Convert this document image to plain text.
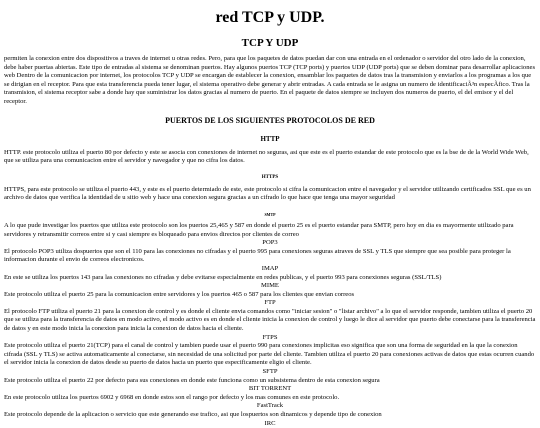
red TCP y UDP.
TCP Y UDP

permiten la conexion entre dos dispositivos a traves de internet u otras redes. Pero, para que los paquetes de datos puedan dar con una entrada en el ordenador o servidor del otro lado de la conexion, debe haber puertas abiertas. Este tipo de entradas al sistema se denominan puertos. Hay algunos puertos TCP (TCP ports) y puertos UDP (UDP ports) que se deben dominar para desarrollar aplicaciones web Dentro de la comunicacion por internet, los protocolos TCP y UDP se encargan de establecer la conexion, ensamblar los paquetes de datos tras la transmision y enviarlos a los programas a los que se dirigian en el receptor. Para que esta transferencia pueda tener lugar, el sistema operativo debe generar y abrir entradas. A cada entrada se le asigna un numero de identificaciÃ³n especÃfico. Tras la transmision, el sistema receptor sabe a donde hay que suministrar los datos gracias al numero de puerto. En el paquete de datos siempre se incluyen dos numeros de puerto, el del emisor y el del receptor.

PUERTOS DE LOS SIGUIENTES PROTOCOLOS DE RED
HTTP

HTTP. este protocolo utiliza el puerto 80 por defecto y este se asocia con conexiones de internet no seguras, asi que este es el puerto estandar de este protocolo que es la bse de de la World Wide Web, que se utiliza para una comunicacion entre el servidor y navegador y que no cifra los datos.

HTTPS

HTTPS, para este protocolo se utiliza el puerto 443, y este es el puerto determiado de este, este protocolo si cifra la comunicacion entre el navegador y el servidor utilizando certificados SSL que es un archivo de datos que verifica la identidad de u sitio web y hace una conexion segura gracias a un cifrado lo que hace que tenga una mayor seguridad

SMTP

A lo que pude investigar los puertos que utiliza este protocolo son los puertos 25,465 y 587 en donde el puerto 25 es el puerto estandar para SMTP, pero hoy en dia es mayormente utilizado para servidores y retransmitir correos entre si y casi siempre es bloqueado para envios directos por clientes de correo

POP3

El protocolo POP3 utiliza dospuertos que son el 110 para las conexiones no cifradas y el puerto 995 para conexiones seguras atraves de SSL y TLS que siempre que sea posible para proteger la informacion durante el envio de correos electronicos.

IMAP

En este se utiliza los puertos 143 para las conexiones no cifradas y debe evitarse especialmente en redes publicas, y el puerto 993 para conexiones seguras (SSL/TLS)

MIME

Este protocolo utiliza el puerto 25 para la comunicacion entre servidores y los puertos 465 o 587 para los clientes que envian correos

FTP

El protocolo FTP utiliza el puerto 21 para la conexion de control y es donde el cliente envia comandos como "iniciar sesion" o "listar archivo" a lo que el servidor responde, tambien utiliza el puerto 20 que se utiliza para la transferencia de datos en modo activo, el modo activo es en donde el cliente inicia la conexion de control y luego le dice al servidor que puerto debe conectarse para la transferencia de datos y en este modo inicia la conexion para inicia la conexion de datos hacia el cliente.

FTPS

Este protocolo utiliza el puerto 21(TCP) para el canal de control y tambien puede usar el puerto 990 para conexiones implicitas eso significa que son una forma de seguridad en la que la conexion cifrada (SSL y TLS) se activa automaticamente al conectarse, sin necesidad de una solicitud por parte del cliente. Tambien utiliza el puerto 20 para conexiones activas de datos que estas ocurren cuando el servidor inicia la conexion de datos desde su puerto de datos hacia un puerto que especificamente eligio el cliente.

SFTP

Este protocolo utiliza el puerto 22 por defecto para sus conexiones en donde este funciona como un subsistema dentro de esta conexion segura

BIT TORRENT

En este protocolo utiliza los puertos 6902 y 6968 en donde estos son el rango por defecto y los mas comunes en este protocolo.

FastTrack

Este protocolo depende de la aplicacion o servicio que este generando ese trafico, asi que lospuertos son dinamicos y depende tipo de conexion

IRC
